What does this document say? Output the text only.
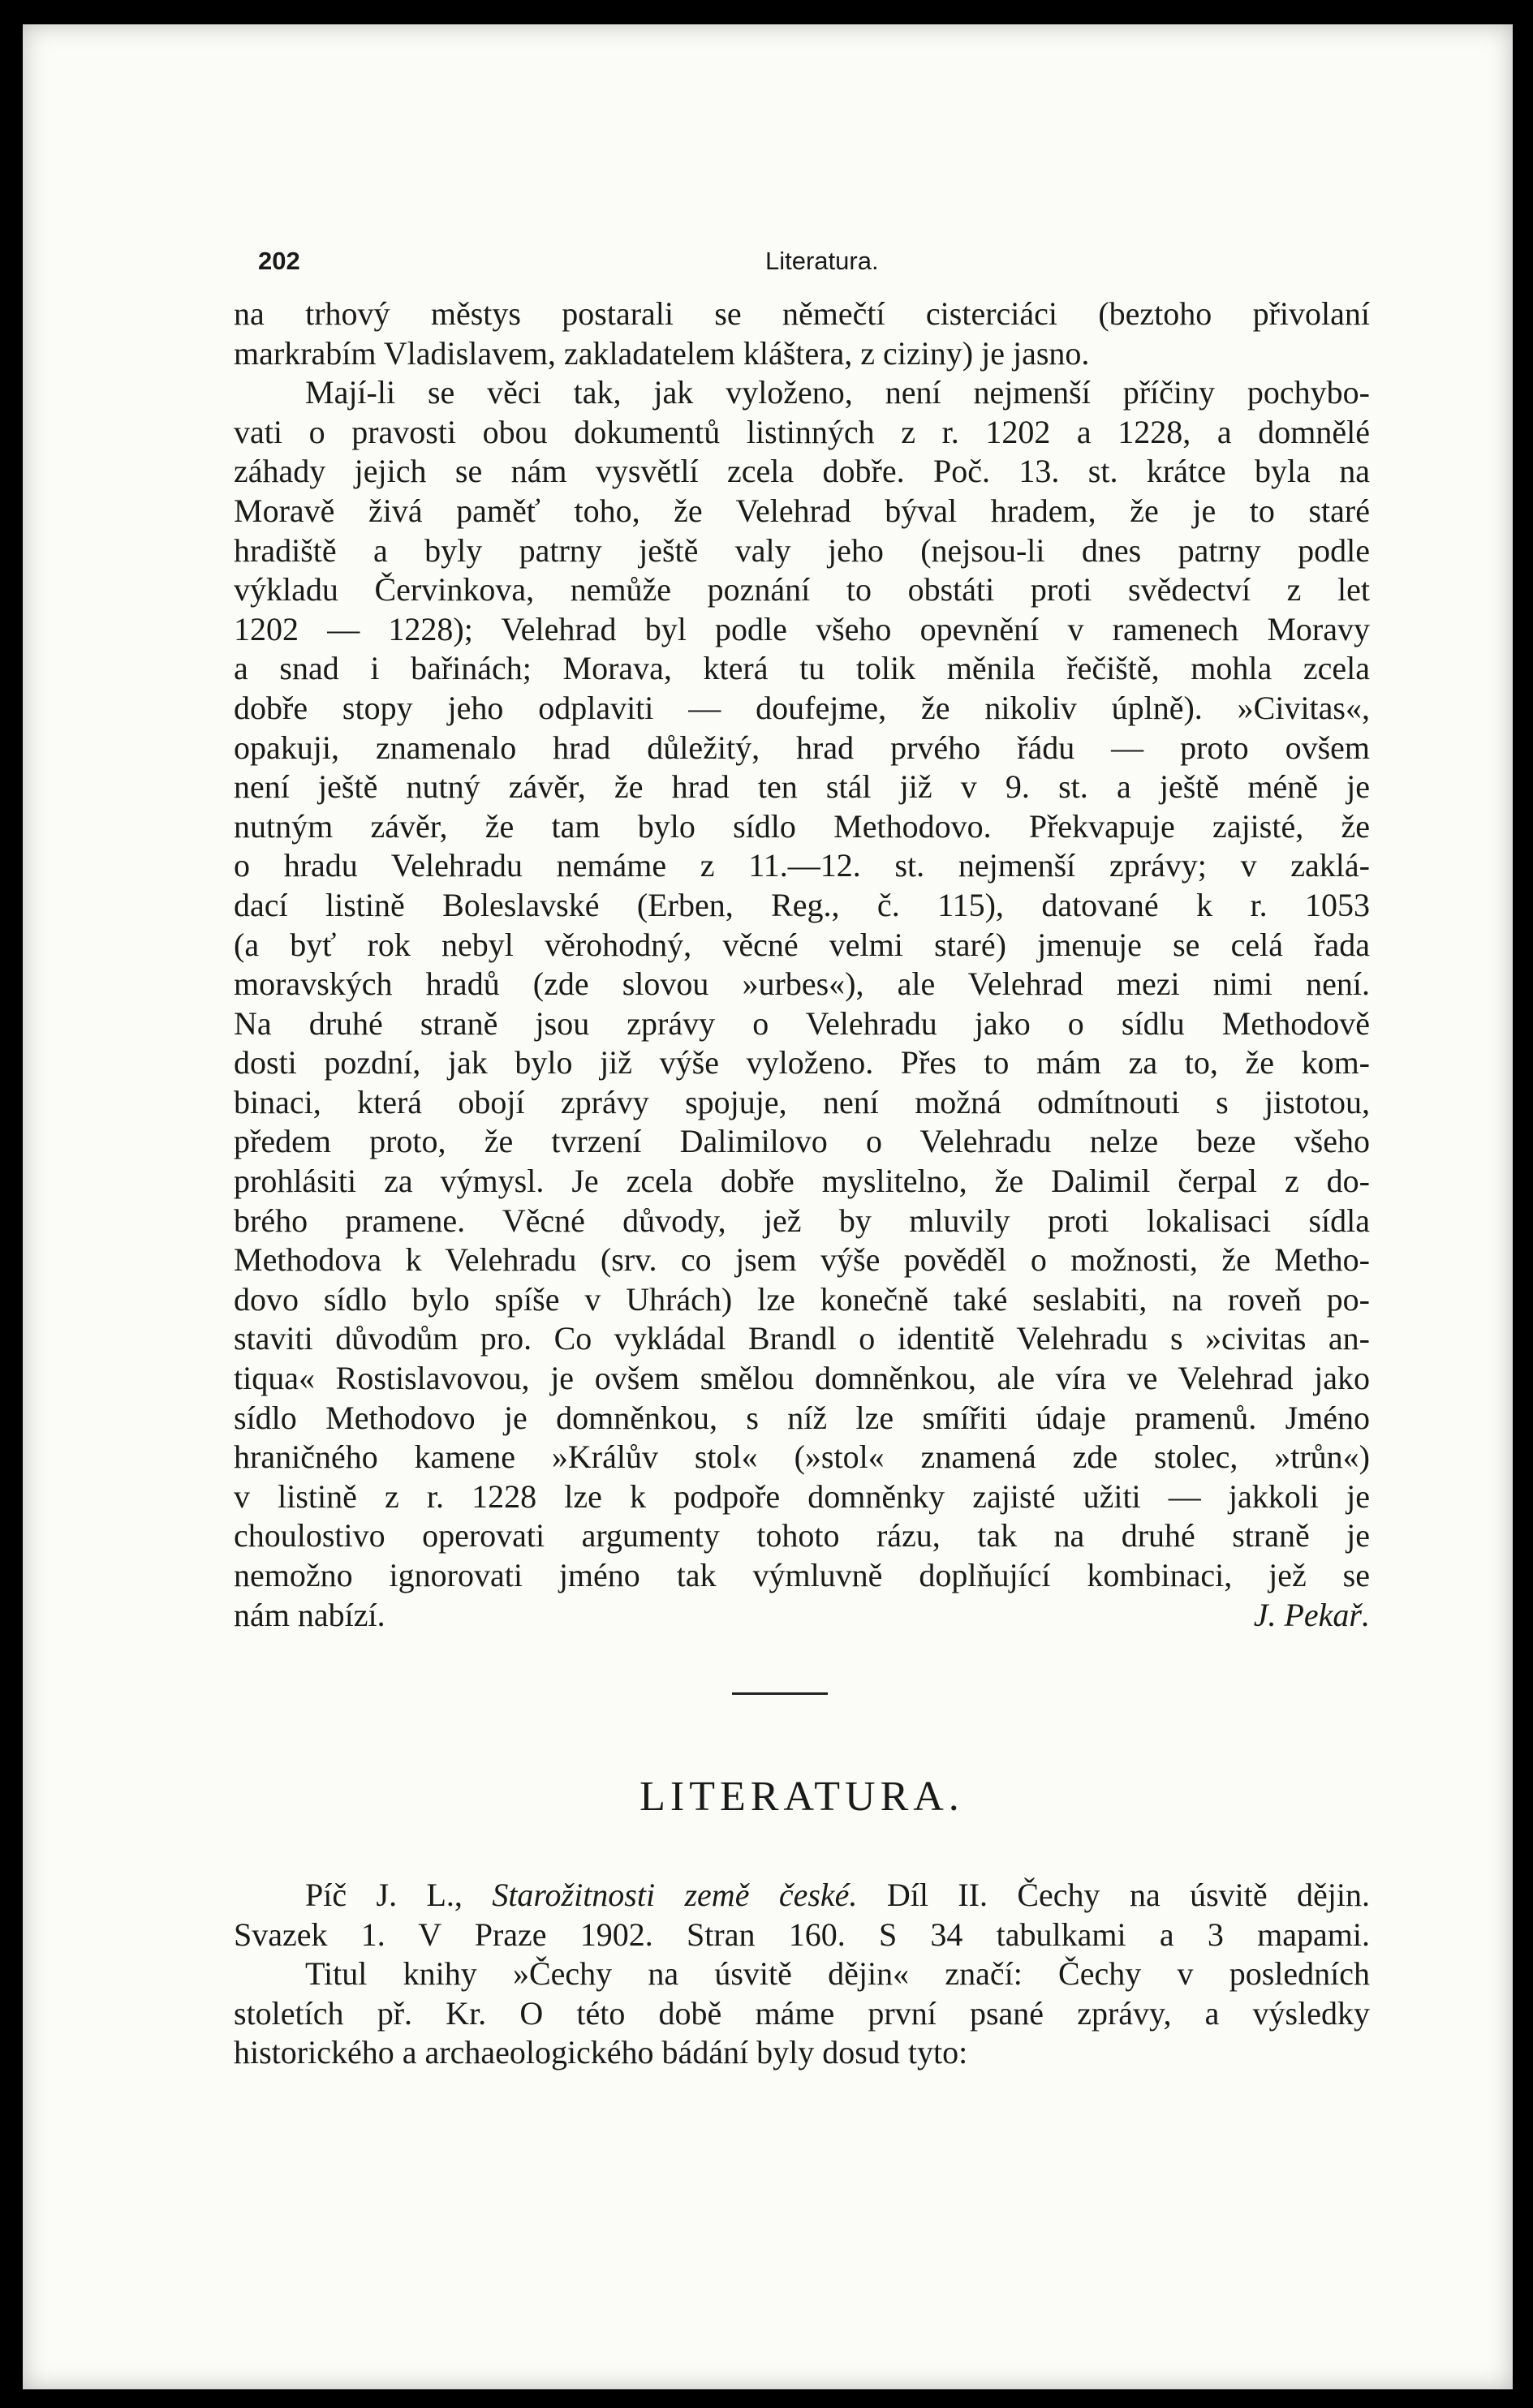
202	Literatura.
na trhový městys postarali se němečtí cisterciáci (beztoho přivolaní
markrabím Vladislavem, zakladatelem kláštera, z ciziny) je jasno.
Mají-li se věci tak, jak vyloženo, není nejmenší příčiny pochybo-
vati o pravosti obou dokumentů listinných z r. 1202 a 1228, a domnělé
záhady jejich se nám vysvětlí zcela dobře. Poč. 13. st. krátce byla na
Moravě živá paměť toho, že Velehrad býval hradem, že je to staré
hradiště a byly patrny ještě valy jeho (nejsou-li dnes patrny podle
výkladu Červinkova, nemůže poznání to obstáti proti svědectví z let
1202 — 1228); Velehrad byl podle všeho opevnění v ramenech Moravy
a snad i bařinách; Morava, která tu tolik měnila řečiště, mohla zcela
dobře stopy jeho odplaviti — doufejme, že nikoliv úplně). »Civitas«,
opakuji, znamenalo hrad důležitý, hrad prvého řádu — proto ovšem
není ještě nutný závěr, že hrad ten stál již v 9. st. a ještě méně je
nutným závěr, že tam bylo sídlo Methodovo. Překvapuje zajisté, že
o hradu Velehradu nemáme z 11.—12. st. nejmenší zprávy; v zaklá-
dací listině Boleslavské (Erben, Reg., č. 115), datované k r. 1053
(a byť rok nebyl věrohodný, věcné velmi staré) jmenuje se celá řada
moravských hradů (zde slovou »urbes«), ale Velehrad mezi nimi není.
Na druhé straně jsou zprávy o Velehradu jako o sídlu Methodově
dosti pozdní, jak bylo již výše vyloženo. Přes to mám za to, že kom-
binaci, která obojí zprávy spojuje, není možná odmítnouti s jistotou,
předem proto, že tvrzení Dalimilovo o Velehradu nelze beze všeho
prohlásiti za výmysl. Je zcela dobře myslitelno, že Dalimil čerpal z do-
brého pramene. Věcné důvody, jež by mluvily proti lokalisaci sídla
Methodova k Velehradu (srv. co jsem výše pověděl o možnosti, že Metho-
dovo sídlo bylo spíše v Uhrách) lze konečně také seslabiti, na roveň po-
staviti důvodům pro. Co vykládal Brandl o identitě Velehradu s »civitas an-
tiqua« Rostislavovou, je ovšem smělou domněnkou, ale víra ve Velehrad jako
sídlo Methodovo je domněnkou, s níž lze smířiti údaje pramenů. Jméno
hraničného kamene »Králův stol« (»stol« znamená zde stolec, »trůn«)
v listině z r. 1228 lze k podpoře domněnky zajisté užiti — jakkoli je
choulostivo operovati argumenty tohoto rázu, tak na druhé straně je
nemožno ignorovati jméno tak výmluvně doplňující kombinaci, jež se
nám nabízí.	J. Pekař.
LITERATURA.
Píč J. L., Starožitnosti země české. Díl II. Čechy na úsvitě dějin.
Svazek 1. V Praze 1902. Stran 160. S 34 tabulkami a 3 mapami.
Titul knihy »Čechy na úsvitě dějin« značí: Čechy v posledních
stoletích př. Kr. O této době máme první psané zprávy, a výsledky
historického a archaeologického bádání byly dosud tyto:
